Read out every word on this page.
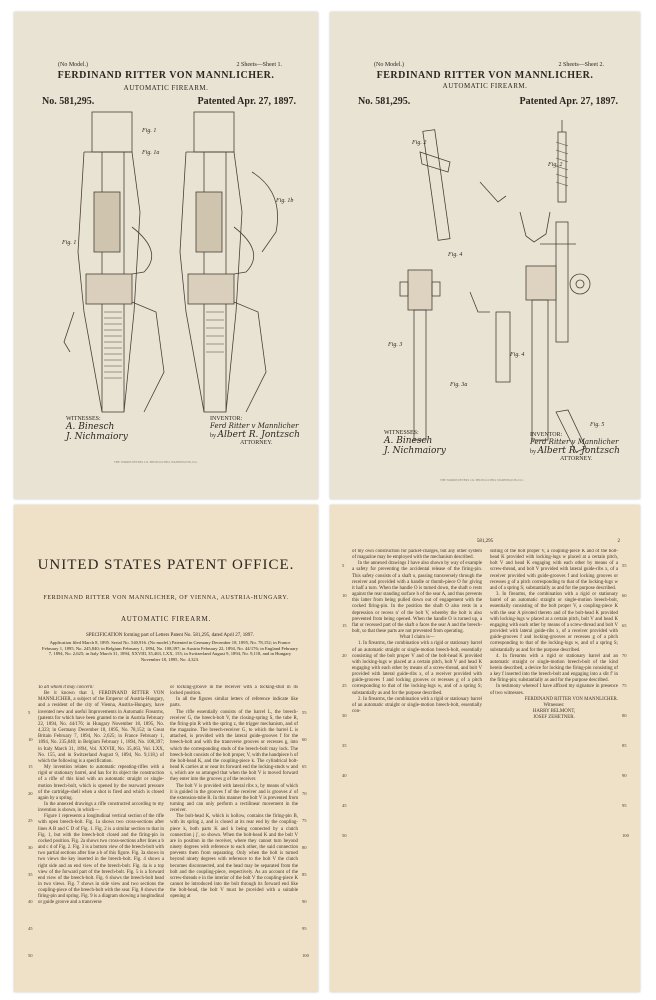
(No Model.)	2 Sheets—Sheet 1.
FERDINAND RITTER VON MANNLICHER.
AUTOMATIC FIREARM.
No. 581,295.	Patented Apr. 27, 1897.
Fig. 1
Fig. 1a
Fig. 1
Fig. 1b
WITNESSES:
A. Binesch
J. Nichmaiory
INVENTOR:
Ferd Ritter v Mannlicher
by Albert R. Jontzsch
ATTORNEY.
THE NORRIS PETERS CO. PHOTO-LITHO, WASHINGTON, D.C.
(No Model.)	2 Sheets—Sheet 2.
FERDINAND RITTER VON MANNLICHER.
AUTOMATIC FIREARM.
No. 581,295.	Patented Apr. 27, 1897.
Fig. 2
Fig. 2
Fig. 4
Fig. 3
Fig. 3a
Fig. 4
Fig. 5
WITNESSES:
A. Binesch
J. Nichmaiory
INVENTOR:
Ferd Ritter v Mannlicher
by Albert R. Jontzsch
ATTORNEY.
THE NORRIS PETERS CO. PHOTO-LITHO, WASHINGTON, D.C.
UNITED STATES PATENT OFFICE.
FERDINAND RITTER VON MANNLICHER, OF VIENNA, AUSTRIA-HUNGARY.
AUTOMATIC FIREARM.
SPECIFICATION forming part of Letters Patent No. 581,295, dated April 27, 1897.
Application filed March 8, 1895. Serial No. 540,916. (No model.) Patented in Germany December 18, 1895, No. 78,152; in France February 1, 1895, No. 245,840; in Belgium February 1, 1894, No. 108,397; in Austria February 22, 1894, No. 44/176; in England February 7, 1894, No. 2,625; in Italy March 31, 1894, XXVIII, 35,463, LXX, 155; in Switzerland August 9, 1894, No. 9,118, and in Hungary November 18, 1895, No. 4,323.
5
10
15
20
25
30
35
40
45
50

To all whom it may concern:

Be it known that I, FERDINAND RITTER VON MANNLICHER, a subject of the Emperor of Austria-Hungary, and a resident of the city of Vienna, Austria-Hungary, have invented new and useful Improvements in Automatic Firearms, (patents for which have been granted to me in Austria February 22, 1894, No. 44/176; in Hungary November 18, 1895, No. 4,323; in Germany December 18, 1895, No. 78,152; in Great Britain February 7, 1894, No. 2,625; in France February 1, 1894, No. 235,840; in Belgium February 1, 1894, No. 108,397; in Italy March 31, 1894, Vol. XXVIII, No. 35,463, Vol. LXX, No. 155, and in Switzerland August 9, 1894, No. 9,118,) of which the following is a specification.

My invention relates to automatic repeating-rifles with a rigid or stationary barrel, and has for its object the construction of a rifle of this kind with an automatic straight or single-motion breech-bolt, which is opened by the rearward pressure of the cartridge-shell when a shot is fired and which is closed again by a spring.

In the annexed drawings a rifle constructed according to my invention is shown, in which—

Figure 1 represents a longitudinal vertical section of the rifle with open breech-bolt. Fig. 1a shows two cross-sections after lines A B and C D of Fig. 1. Fig. 2 is a similar section to that in Fig. 1, but with the breech-bolt closed and the firing-pin in cocked position. Fig. 2a shows two cross-sections after lines a b and c d of Fig. 2. Fig. 3 is a bottom view of the breech-bolt with two partial sections after line a b of this figure. Fig. 3a shows in two views the key inserted in the breech-bolt. Fig. 4 shows a right side and an end view of the breech-bolt. Fig. 4a is a top view of the forward part of the breech-bolt. Fig. 5 is a forward end view of the breech-bolt. Fig. 6 shows the breech-bolt head in two views. Fig. 7 shows in side view and two sections the coupling-piece of the breech-bolt with the sear. Fig. 8 shows the firing-pin and spring. Fig. 9 is a diagram showing a longitudinal or guide groove and a transverse

or locking-groove in the receiver with a locking-stud in its locked position.

In all the figures similar letters of reference indicate like parts.

The rifle essentially consists of the barrel L, the breech-receiver G, the breech-bolt V, the closing-spring S, the tube R, the firing-pin R with the spring z, the trigger mechanism, and of the magazine. The breech-receiver G, to which the barrel L is attached, is provided with the lateral guide-grooves f for the breech-bolt and with the transverse grooves or recesses g, into which the corresponding studs of the breech-bolt may lock. The breech-bolt consists of the bolt proper, V, with the handpiece h of the bolt-head K, and the coupling-piece k. The cylindrical bolt-head K carries at or near its forward end the locking-studs w and s, which are so arranged that when the bolt V is moved forward they enter into the grooves g of the receiver.

The bolt V is provided with lateral ribs x, by means of which it is guided in the grooves f of the receiver and is grooves a' of the extension-tube R. In this manner the bolt V is prevented from turning and can only perform a rectilinear movement in the receiver.

The bolt-head K, which is hollow, contains the firing-pin B, with its spring z, and is closed at its rear end by the coupling-piece k, both parts K and k being connected by a clutch connection j j', so shown. When the bolt-head K and the bolt V are in position in the receiver, where they cannot turn beyond ninety degrees with reference to each other, the said connection prevents them from separating. Only when the bolt is turned beyond ninety degrees with reference to the bolt V the clutch becomes disconnected, and the head may be separated from the bolt and the coupling-piece, respectively. As an account of the screw-threads e in the interior of the bolt V the coupling-piece K cannot be introduced into the bolt through its forward end like the bolt-head, the bolt V must be provided with a suitable opening at

55
60
65
70
75
80
85
90
95
100
581,295	2
5
10
15
20
25
30
35
40
45
50

of my own construction for packet-charges, but any other system of magazine may be employed with the mechanism described.

In the annexed drawings I have also shown by way of example a safety for preventing the accidental release of the firing-pin. This safety consists of a shaft o, passing transversely through the receiver and provided with a handle or thumb-piece O for giving it half a turn. When the handle O is turned down, the shaft o rests against the rear standing surface h of the sear A, and thus prevents this latter from being pulled down out of engagement with the cocked firing-pin. In the position the shaft O also rests in a depression or recess n' of the bolt V, whereby the bolt is also prevented from being opened. When the handle O is turned up, a flat or recessed part of the shaft o faces the sear A and the breech-bolt, so that these parts are not prevented from operating.

What I claim is—

1. In firearms, the combination with a rigid or stationary barrel of an automatic straight or single-motion breech-bolt, essentially consisting of the bolt proper V and of the bolt-head K provided with locking-lugs w placed at a certain pitch, bolt V and head K engaging with each other by means of a screw-thread, and bolt V provided with lateral guide-ribs x, of a receiver provided with guide-grooves f and locking grooves or recesses g of a pitch corresponding to that of the locking-lugs w, and of a spring S; substantially as and for the purpose described.

2. In firearms, the combination with a rigid or stationary barrel of an automatic straight or single-motion breech-bolt, essentially con-

sisting of the bolt proper V, a coupling-piece K and of the bolt-head K provided with locking-lugs w placed at a certain pitch, bolt V and head K engaging with each other by means of a screw-thread, and bolt V provided with lateral guide-ribs x, of a receiver provided with guide-grooves f and locking grooves or recesses g of a pitch corresponding to that of the locking-lugs w and of a spring S; substantially as and for the purpose described.

3. In firearms, the combination with a rigid or stationary barrel of an automatic straight or single-motion breech-bolt, essentially consisting of the bolt proper V, a coupling-piece K with the sear A pivoted thereto and of the bolt-head K provided with locking-lugs w placed at a certain pitch, bolt V and head K engaging with each other by means of a screw-thread and bolt V provided with lateral guide-ribs x, of a receiver provided with guide-grooves f and locking-grooves or recesses g of a pitch corresponding to that of the locking-lugs w, and of a spring S; substantially as and for the purpose described.

4. In firearms with a rigid or stationary barrel and an automatic straight or single-motion breech-bolt of the kind herein described, a device for locking the firing-pin consisting of a key f inserted into the breech-bolt and engaging into a slit f' in the firing-pin; substantially as and for the purpose described.

In testimony whereof I have affixed my signature in presence of two witnesses.

FERDINAND RITTER VON MANNLICHER.

Witnesses:

HARRY BELMONT,

JOSEF ZEHETNER.

55
60
65
70
75
80
85
90
95
100
